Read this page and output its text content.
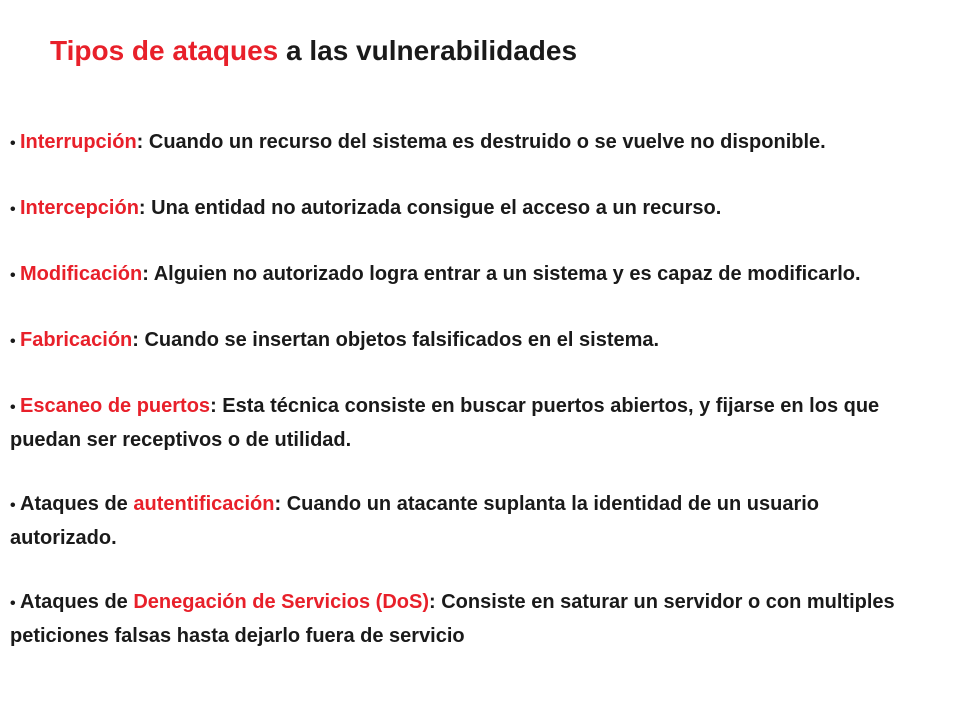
Tipos de ataques a las vulnerabilidades
• Interrupción: Cuando un recurso del sistema es destruido o se vuelve no disponible.
• Intercepción: Una entidad no autorizada consigue el acceso a un recurso.
• Modificación: Alguien no autorizado logra entrar a un sistema y es capaz de modificarlo.
• Fabricación: Cuando se insertan objetos falsificados en el sistema.
• Escaneo de puertos: Esta técnica consiste en buscar puertos abiertos, y fijarse en los que puedan ser receptivos o de utilidad.
• Ataques de autentificación: Cuando un atacante suplanta la identidad de un usuario autorizado.
• Ataques de Denegación de Servicios (DoS): Consiste en saturar un servidor o con multiples peticiones falsas hasta dejarlo fuera de servicio
